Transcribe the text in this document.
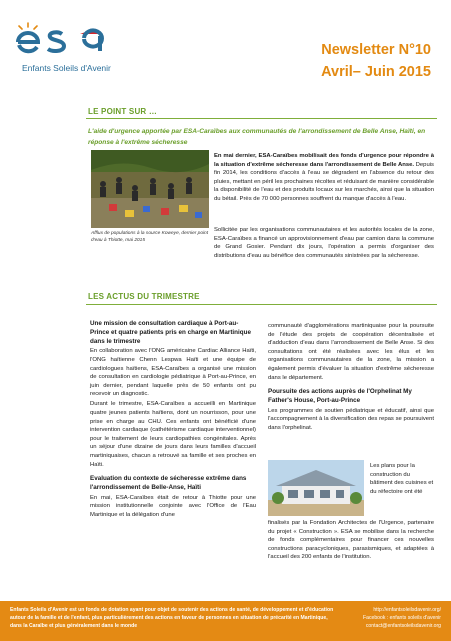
Enfants Soleils d'Avenir
Newsletter N°10
Avril– Juin 2015
LE POINT SUR …
L'aide d'urgence apportée par ESA-Caraïbes aux communautés de l'arrondissement de Belle Anse, Haïti, en réponse à l'extrême sécheresse
Afflux de populations à la source Koweye, dernier point d'eau à Thiotte, mai 2015
En mai dernier, ESA-Caraïbes mobilisait des fonds d'urgence pour répondre à la situation d'extrême sécheresse dans l'arrondissement de Belle Anse. Depuis fin 2014, les conditions d'accès à l'eau se dégradent en l'absence du retour des pluies, mettant en péril les prochaines récoltes et réduisant de manière considérable la disponibilité de l'eau et des produits locaux sur les marchés, ainsi que la situation du bétail. Près de 70 000 personnes souffrent du manque d'accès à l'eau.
Sollicitée par les organisations communautaires et les autorités locales de la zone, ESA-Caraïbes a financé un approvisionnement d'eau par camion dans la commune de Grand Gosier. Pendant dix jours, l'opération a permis d'organiser des distributions d'eau au bénéfice des communautés sinistrées par la sécheresse.
LES ACTUS DU TRIMESTRE
Une mission de consultation cardiaque à Port-au-Prince et quatre patients pris en charge en Martinique dans le trimestre

En collaboration avec l'ONG américaine Cardiac Alliance Haïti, l'ONG haïtienne Chenn Lespwa Haïti et une équipe de cardiologues haïtiens, ESA-Caraïbes a organisé une mission de consultation en cardiologie pédiatrique à Port-au-Prince, en juin dernier, pendant laquelle près de 50 enfants ont pu recevoir un diagnostic.

Durant le trimestre, ESA-Caraïbes a accueilli en Martinique quatre jeunes patients haïtiens, dont un nourrisson, pour une prise en charge au CHU. Ces enfants ont bénéficié d'une intervention cardiaque (cathétérisme cardiaque interventionnel) pour le traitement de leurs cardiopathies congénitales. Après un séjour d'une dizaine de jours dans leurs familles d'accueil martiniquaises, chacun a retrouvé sa famille et ses proches en Haïti.

Evaluation du contexte de sécheresse extrême dans l'arrondissement de Belle-Anse, Haïti

En mai, ESA-Caraïbes était de retour à Thiotte pour une mission institutionnelle conjointe avec l'Office de l'Eau Martinique et la délégation d'une

communauté d'agglomérations martiniquaise pour la poursuite de l'étude des projets de coopération décentralisée et d'adduction d'eau dans l'arrondissement de Belle Anse. Si des consultations ont été réalisées avec les élus et les organisations communautaires de la zone, la mission a également permis d'évaluer la situation d'extrême sécheresse dans le département.

Poursuite des actions auprès de l'Orphelinat My Father's House, Port-au-Prince

Les programmes de soutien pédiatrique et éducatif, ainsi que l'accompagnement à la diversification des repas se poursuivent dans l'orphelinat.

Les plans pour la construction du bâtiment des cuisines et du réfectoire ont été
finalisés par la Fondation Architectes de l'Urgence, partenaire du projet « Construction ». ESA se mobilise dans la recherche de fonds complémentaires pour financer ces nouvelles constructions paracycloniques, parasismiques, et adaptées à l'accueil des 200 enfants de l'institution.
Enfants Soleils d'Avenir est un fonds de dotation ayant pour objet de soutenir des actions de santé, de développement et d'éducation autour de la famille et de l'enfant, plus particulièrement des actions en faveur de personnes en situation de précarité en Martinique, dans la Caraïbe et plus généralement dans le monde
http://enfantsoleilsdavenir.org/
Facebook : enfants soleils d'avenir
contact@enfantsoleilsdavenir.org
